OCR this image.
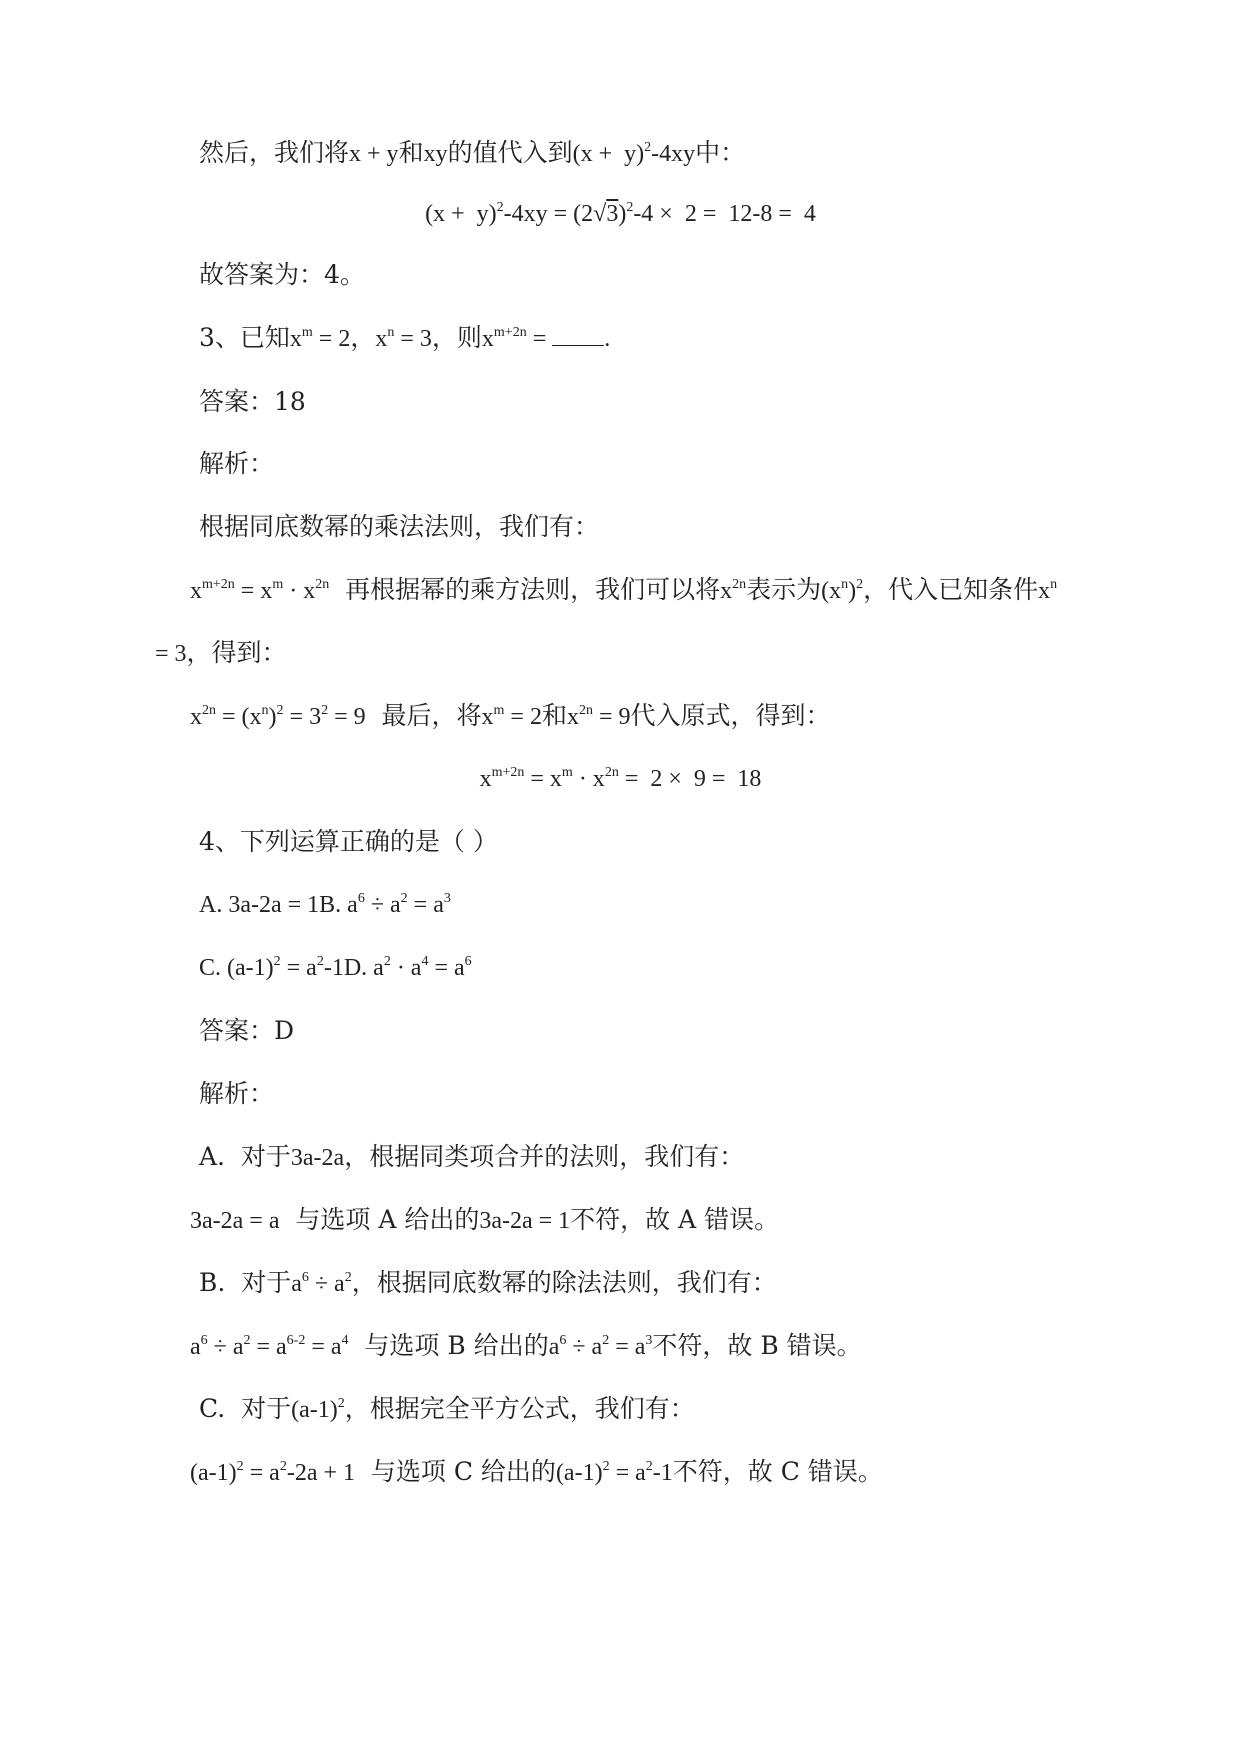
然后，我们将x + y和xy的值代入到$(x + y)^2-4xy$中：
$(x + y)^2-4xy = (2√3)^2-4 \times 2 = 12-8 = 4$
故答案为：4。
3、已知$x^m = 2$，$x^n = 3$，则$x^{m+2n}$ = .
答案：18
解析：
根据同底数幂的乘法法则，我们有：
$x^{m+2n} = x^m \cdot x^{2n}$  再根据幂的乘方法则，我们可以将$x^{2n}$表示为$(x^n)^2$，代入已知条件$x^n$
= 3，得到：
$x^{2n} = (x^n)^2 = 3^2 = 9$  最后，将$x^m = 2$和$x^{2n} = 9$代入原式，得到：
$x^{m+2n} = x^m \cdot x^{2n} = 2 \times 9 = 18$
4、下列运算正确的是（ ）
A. 3a-2a = 1B. $a^6 \div a^2 = a^3$
C. $(a-1)^2 = a^2-1D$. $a^2 \cdot a^4 = a^6$
答案：D
解析：
A.  对于3a-2a，根据同类项合并的法则，我们有：
3a-2a = a  与选项 A 给出的3a-2a = 1不符，故 A 错误。
B.  对于$a^6 \div a^2$，根据同底数幂的除法法则，我们有：
$a^6 \div a^2 = a^{6-2} = a^4$  与选项 B 给出的$a^6 \div a^2 = a^3$不符，故 B 错误。
C.  对于$(a-1)^2$，根据完全平方公式，我们有：
$(a-1)^2 = a^2-2a + 1$  与选项 C 给出的$(a-1)^2 = a^2-1$不符，故 C 错误。
